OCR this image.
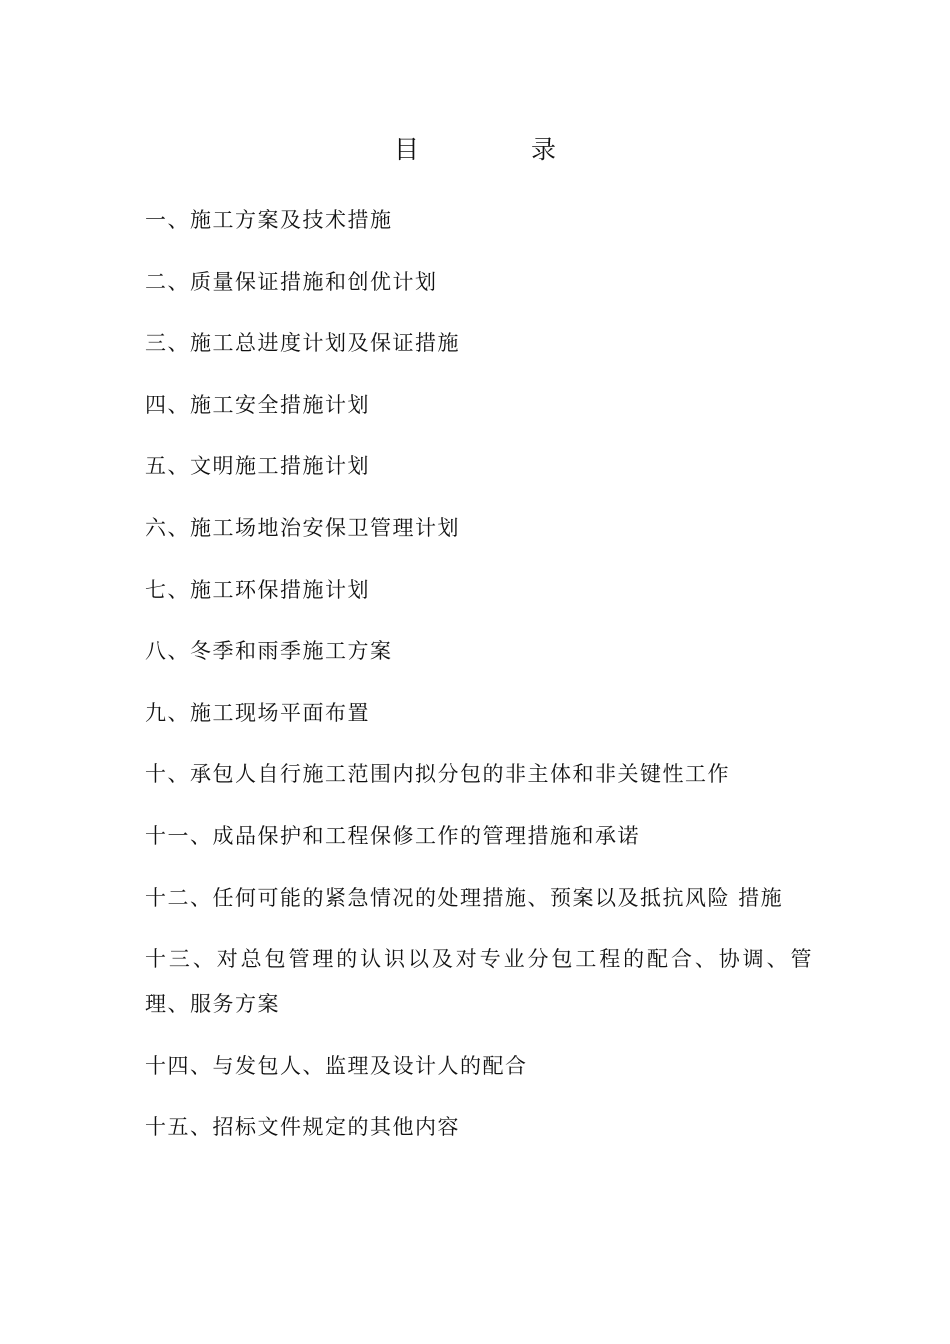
目 录
一、施工方案及技术措施
二、质量保证措施和创优计划
三、施工总进度计划及保证措施
四、施工安全措施计划
五、文明施工措施计划
六、施工场地治安保卫管理计划
七、施工环保措施计划
八、冬季和雨季施工方案
九、施工现场平面布置
十、承包人自行施工范围内拟分包的非主体和非关键性工作
十一、成品保护和工程保修工作的管理措施和承诺
十二、任何可能的紧急情况的处理措施、预案以及抵抗风险 措施
十三、对总包管理的认识以及对专业分包工程的配合、协调、管理、服务方案
十四、与发包人、监理及设计人的配合
十五、招标文件规定的其他内容
